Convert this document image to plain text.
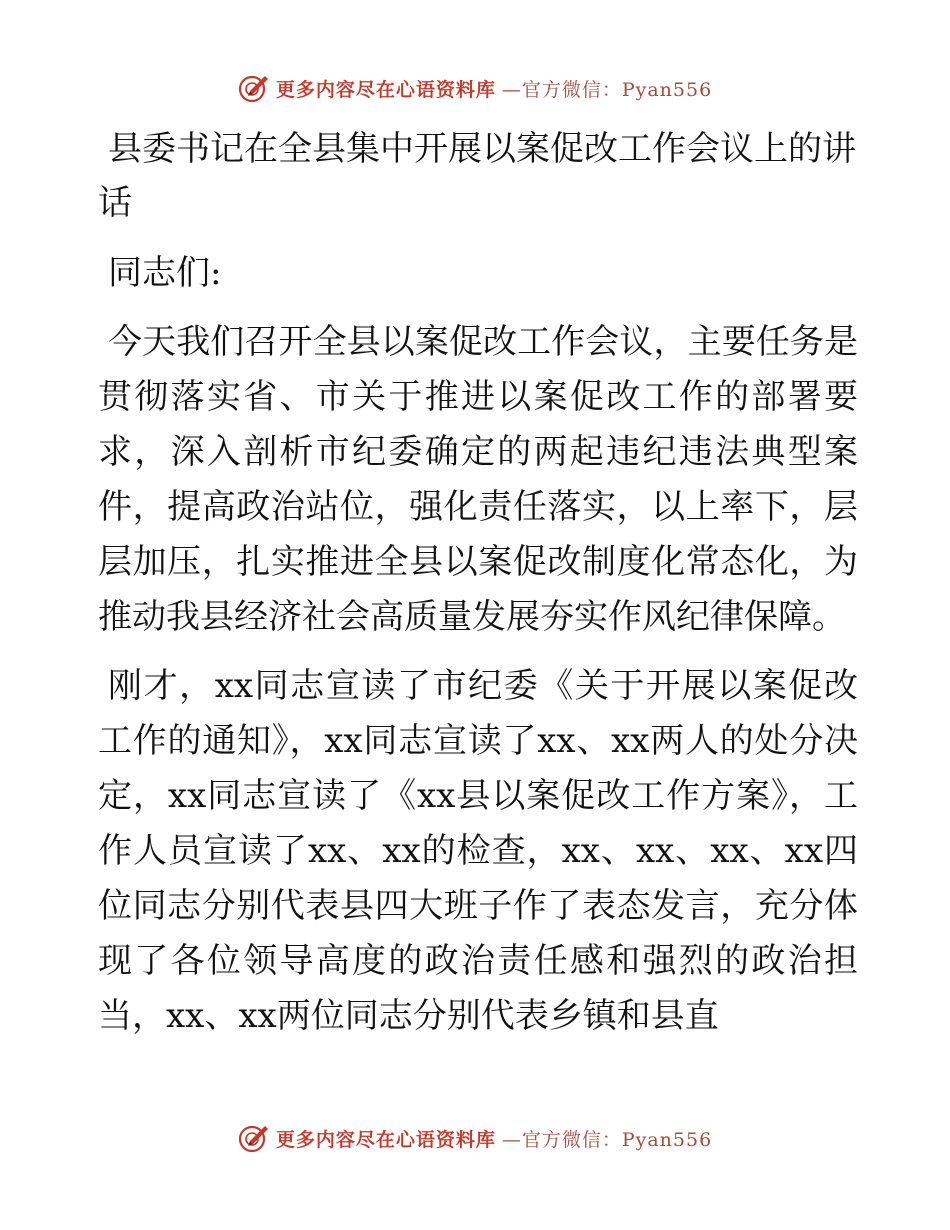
更多内容尽在心语资料库 —官方微信：Pyan556
县委书记在全县集中开展以案促改工作会议上的讲话

同志们:

今天我们召开全县以案促改工作会议，主要任务是贯彻落实省、市关于推进以案促改工作的部署要求，深入剖析市纪委确定的两起违纪违法典型案件，提高政治站位，强化责任落实，以上率下，层层加压，扎实推进全县以案促改制度化常态化，为推动我县经济社会高质量发展夯实作风纪律保障。

刚才，xx同志宣读了市纪委《关于开展以案促改工作的通知》，xx同志宣读了xx、xx两人的处分决定，xx同志宣读了《xx县以案促改工作方案》，工作人员宣读了xx、xx的检查，xx、xx、xx、xx四位同志分别代表县四大班子作了表态发言，充分体现了各位领导高度的政治责任感和强烈的政治担当，xx、xx两位同志分别代表乡镇和县直

更多内容尽在心语资料库 —官方微信：Pyan556
